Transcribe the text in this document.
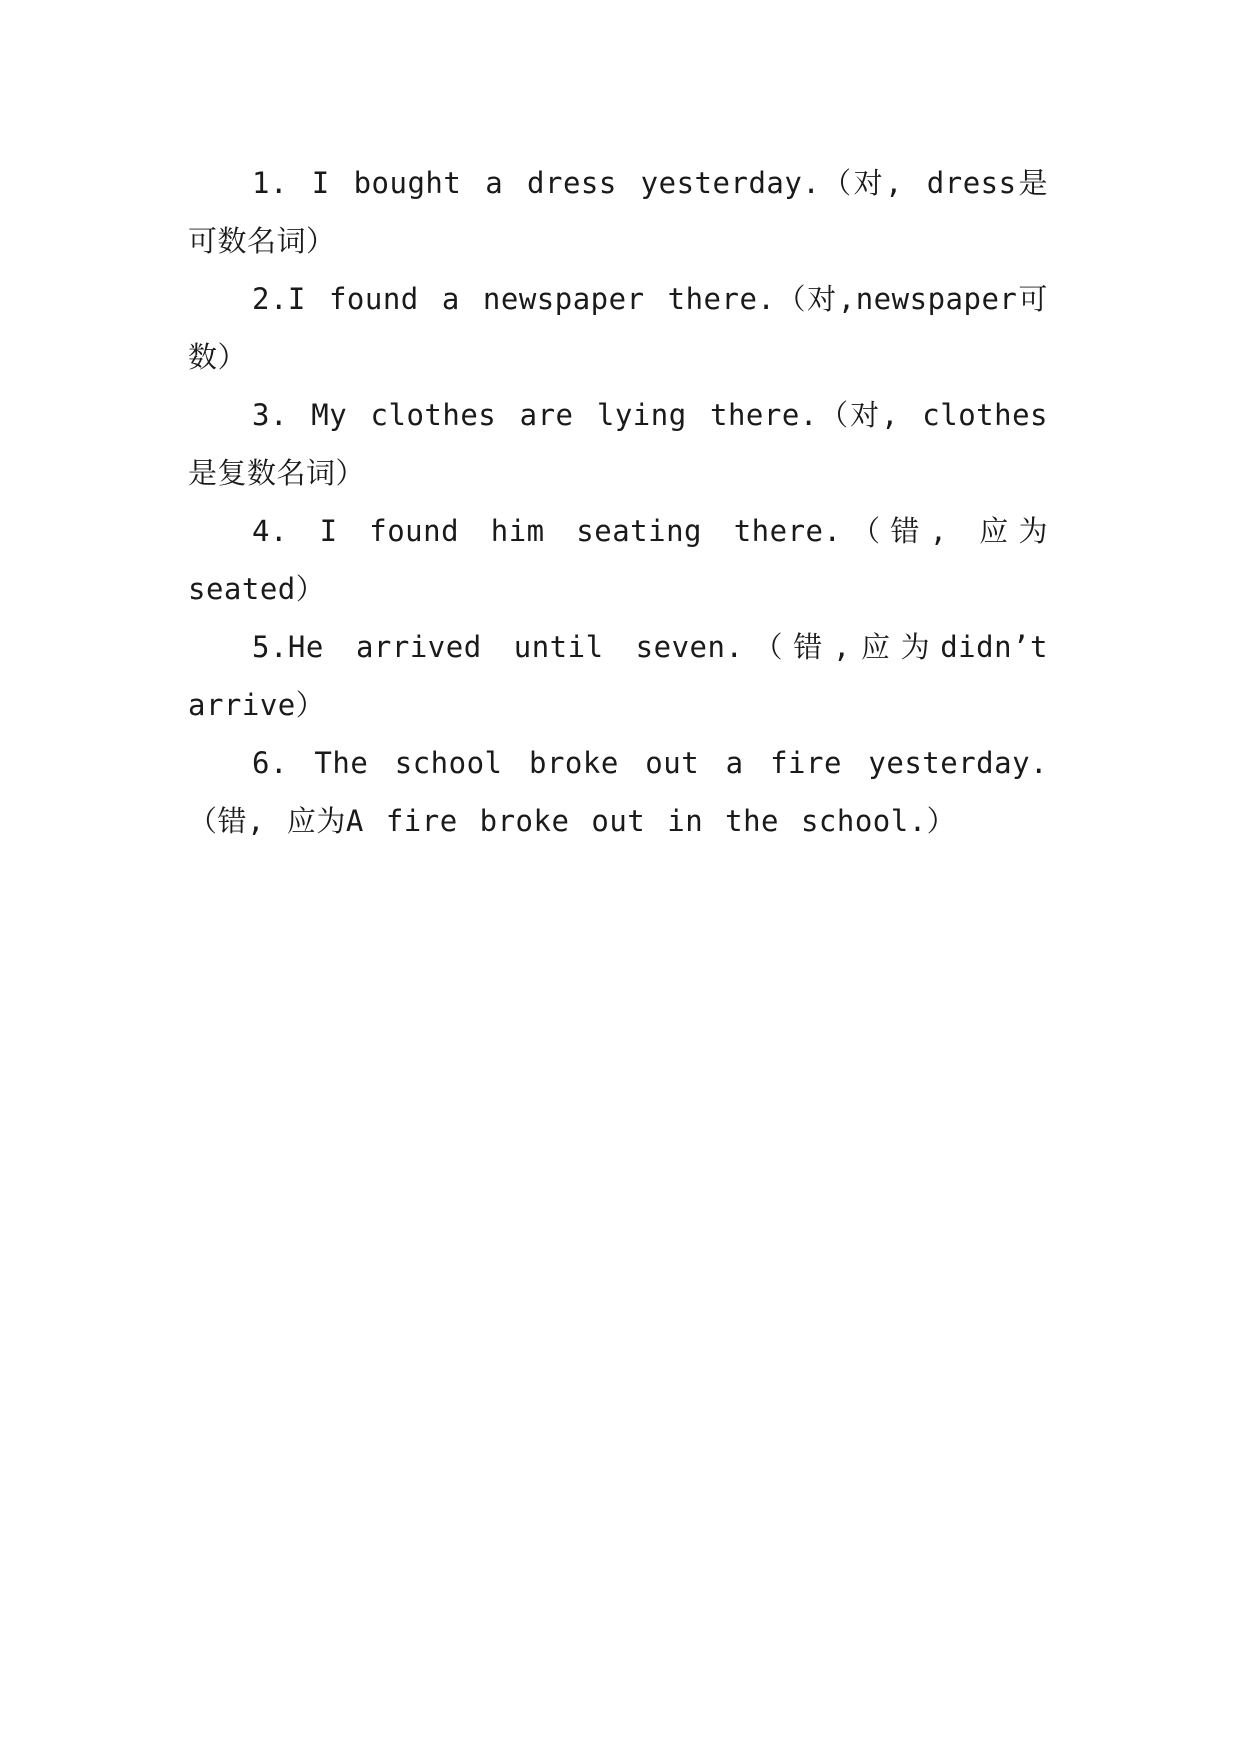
1. I bought a dress yesterday.（对, dress是可数名词）

2.I found a newspaper there.（对,newspaper可数）

3. My clothes are lying there.（对, clothes是复数名词）

4. I found him seating there.（错, 应为seated）

5.He arrived until seven.（错,应为didn’t arrive）

6. The school broke out a fire yesterday.（错, 应为A fire broke out in the school.）
